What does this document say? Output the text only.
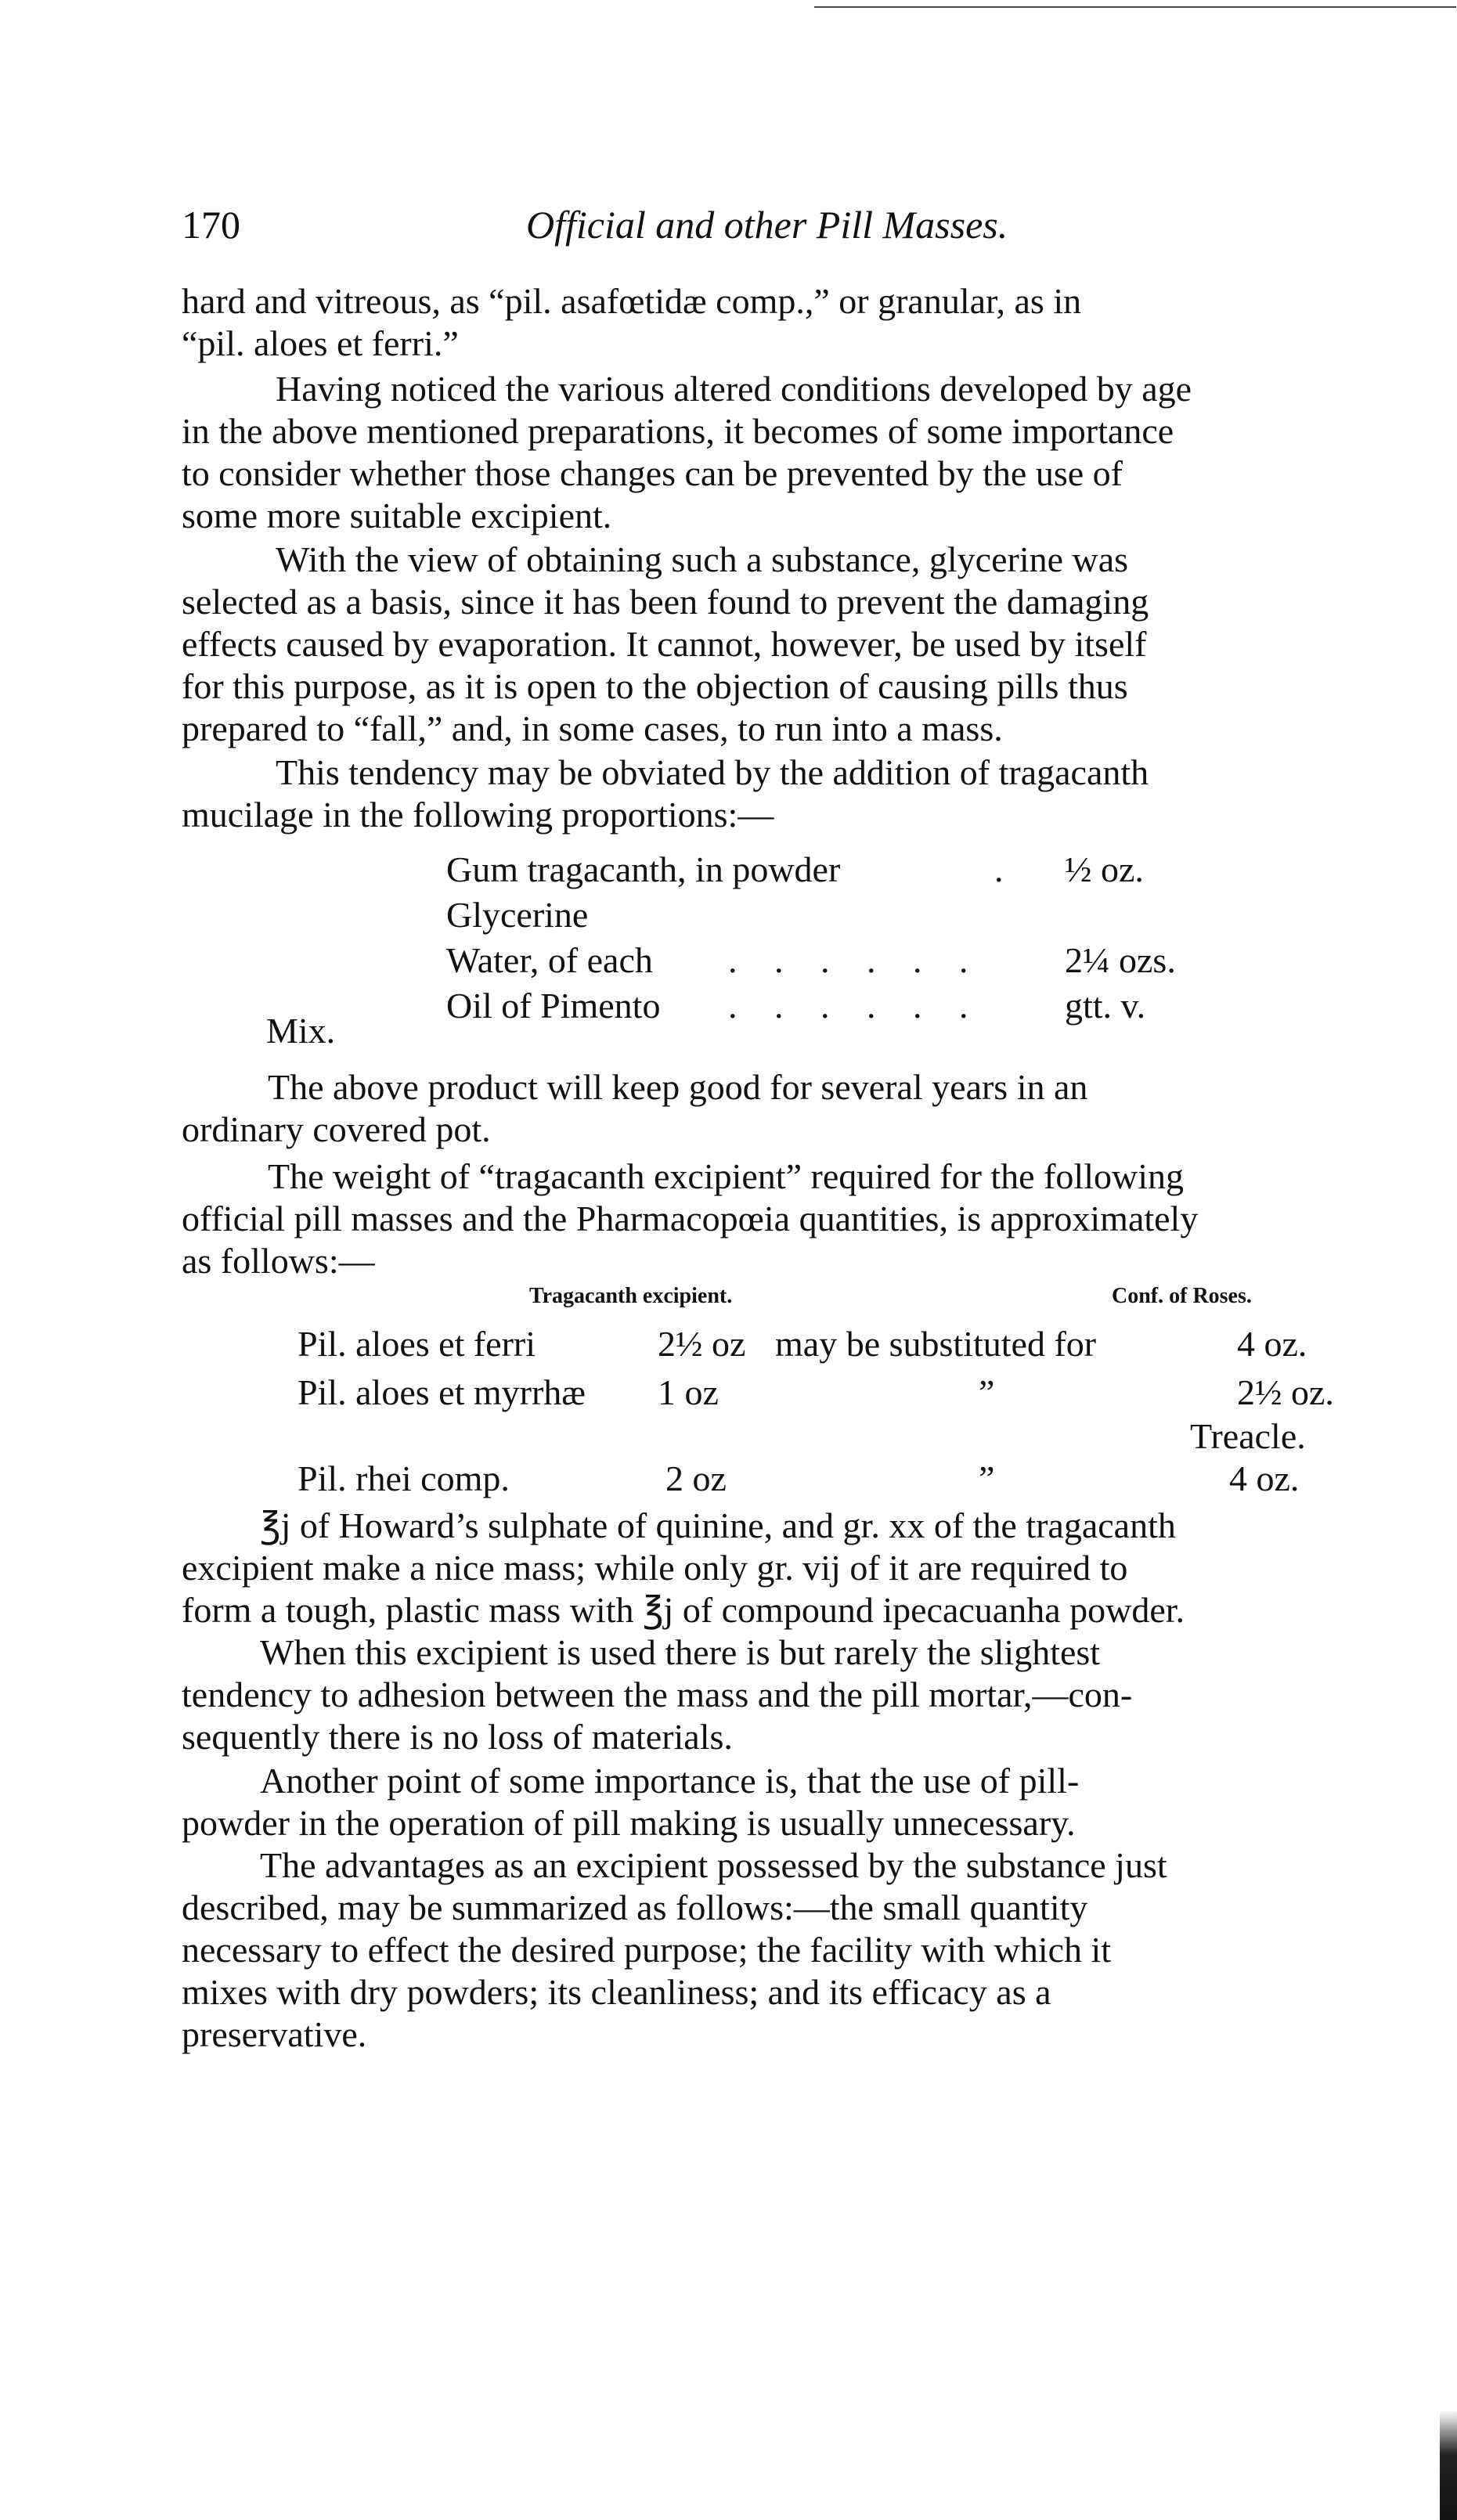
170	Official and other Pill Masses.
hard and vitreous, as “pil. asafœtidæ comp.,” or granular, as in
“pil. aloes et ferri.”
Having noticed the various altered conditions developed by age
in the above mentioned preparations, it becomes of some importance
to consider whether those changes can be prevented by the use of
some more suitable excipient.
With the view of obtaining such a substance, glycerine was
selected as a basis, since it has been found to prevent the damaging
effects caused by evaporation. It cannot, however, be used by itself
for this purpose, as it is open to the objection of causing pills thus
prepared to “fall,” and, in some cases, to run into a mass.
This tendency may be obviated by the addition of tragacanth
mucilage in the following proportions:—
Gum tragacanth, in powder	. ½ oz.
Glycerine
Water, of each . . . . . . 2¼ ozs.
Oil of Pimento . . . . . . gtt. v.
Mix.
The above product will keep good for several years in an
ordinary covered pot.
The weight of “tragacanth excipient” required for the following
official pill masses and the Pharmacopœia quantities, is approximately
as follows:—
Tragacanth excipient.	Conf. of Roses.
Pil. aloes et ferri	2½ oz may be substituted for	4 oz.
Pil. aloes et myrrhæ 1 oz	”	2½ oz.
Treacle.
Pil. rhei comp.	2 oz	”	4 oz.
℥j of Howard’s sulphate of quinine, and gr. xx of the tragacanth
excipient make a nice mass; while only gr. vij of it are required to
form a tough, plastic mass with ℥j of compound ipecacuanha powder.
When this excipient is used there is but rarely the slightest
tendency to adhesion between the mass and the pill mortar,—con-
sequently there is no loss of materials.
Another point of some importance is, that the use of pill-
powder in the operation of pill making is usually unnecessary.
The advantages as an excipient possessed by the substance just
described, may be summarized as follows:—the small quantity
necessary to effect the desired purpose; the facility with which it
mixes with dry powders; its cleanliness; and its efficacy as a
preservative.
